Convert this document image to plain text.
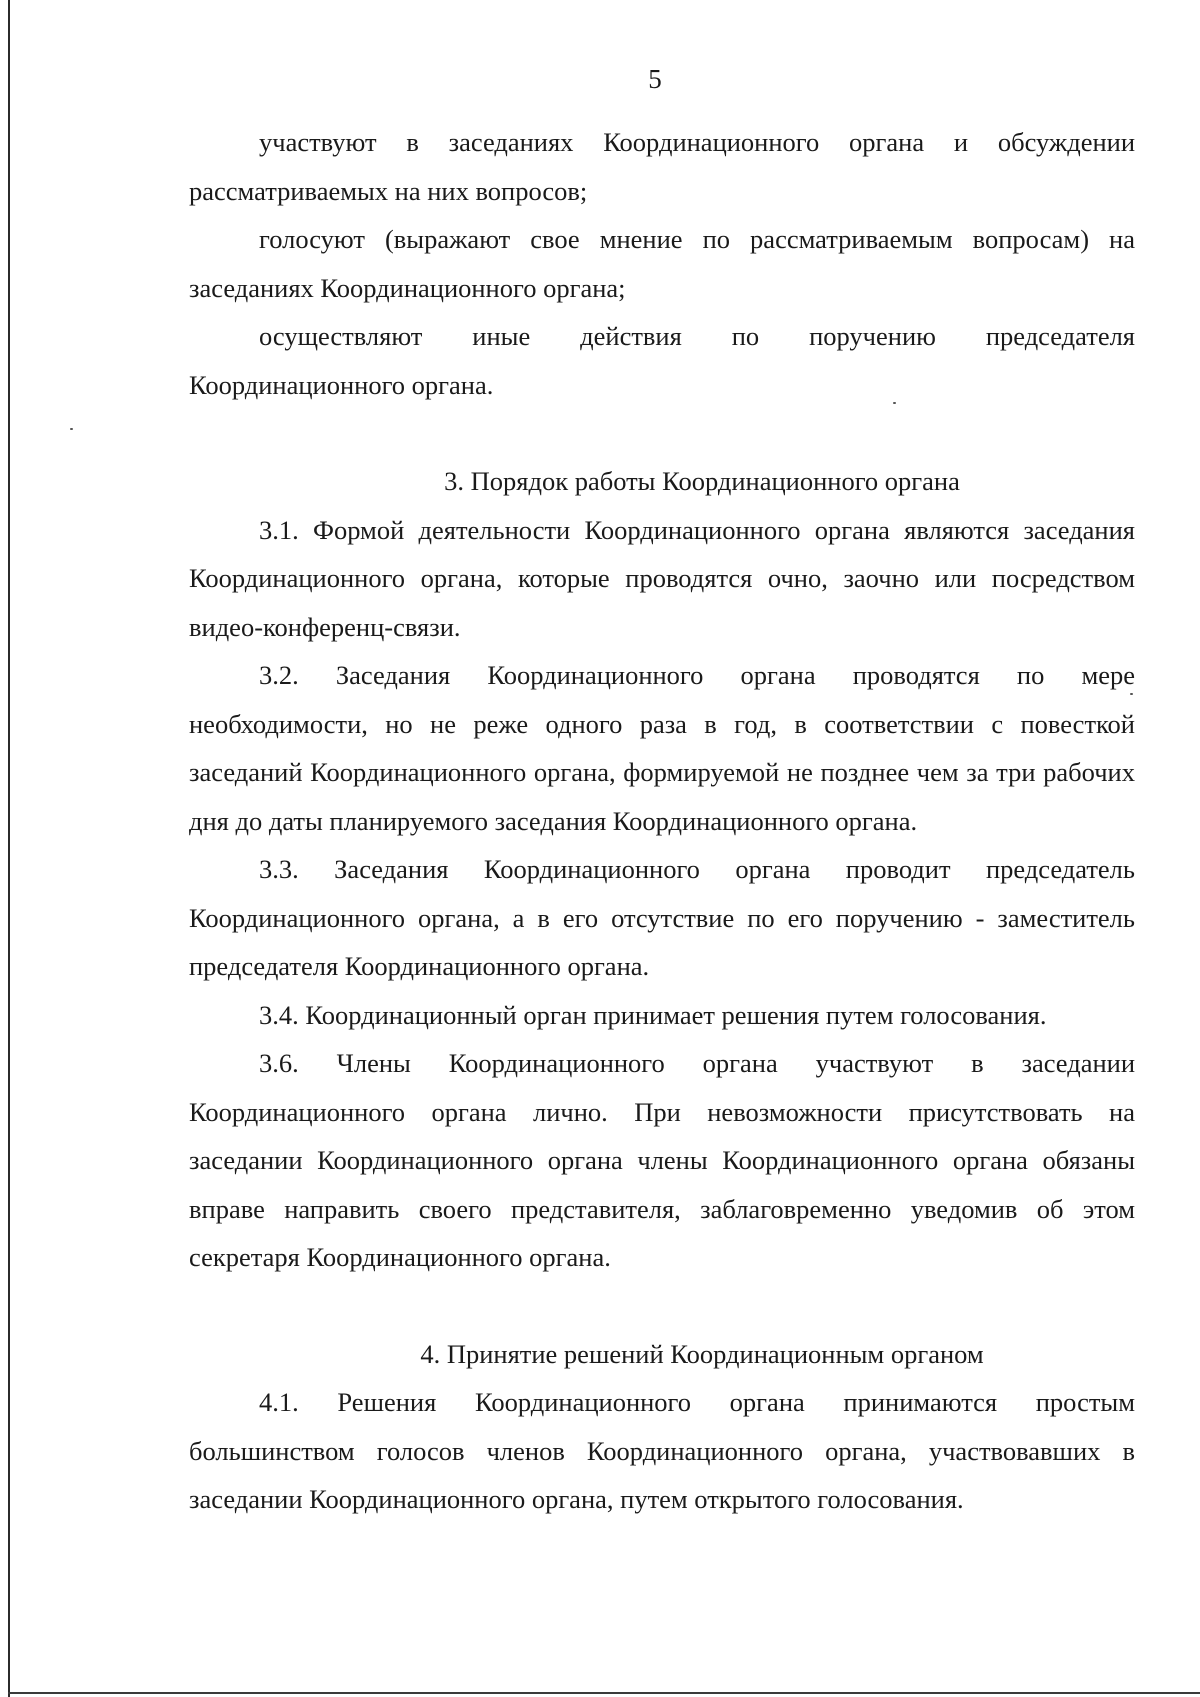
5

участвуют в заседаниях Координационного органа и обсуждении рассматриваемых на них вопросов;

голосуют (выражают свое мнение по рассматриваемым вопросам) на заседаниях Координационного органа;

осуществляют иные действия по поручению председателя Координационного органа.

3. Порядок работы Координационного органа

3.1. Формой деятельности Координационного органа являются заседания Координационного органа, которые проводятся очно, заочно или посредством видео-конференц-связи.

3.2. Заседания Координационного органа проводятся по мере необходимости, но не реже одного раза в год, в соответствии с повесткой заседаний Координационного органа, формируемой не позднее чем за три рабочих дня до даты планируемого заседания Координационного органа.

3.3. Заседания Координационного органа проводит председатель Координационного органа, а в его отсутствие по его поручению - заместитель председателя Координационного органа.

3.4. Координационный орган принимает решения путем голосования.

3.6. Члены Координационного органа участвуют в заседании Координационного органа лично. При невозможности присутствовать на заседании Координационного органа члены Координационного органа обязаны вправе направить своего представителя, заблаговременно уведомив об этом секретаря Координационного органа.

4. Принятие решений Координационным органом

4.1. Решения Координационного органа принимаются простым большинством голосов членов Координационного органа, участвовавших в заседании Координационного органа, путем открытого голосования.
